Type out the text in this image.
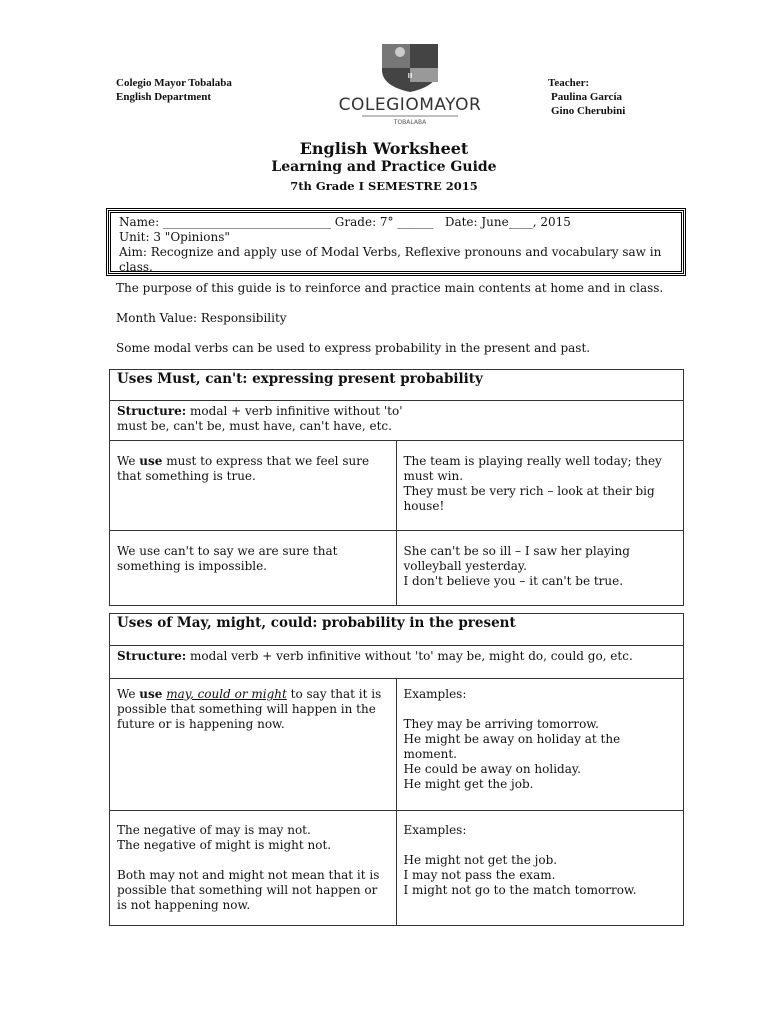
Colegio Mayor Tobalaba
English Department
Ⅲ
COLEGIOMAYOR
TOBALABA
Teacher:
Paulina García
Gino Cherubini
English Worksheet
Learning and Practice Guide
7th Grade I SEMESTRE 2015
Name: ____________________________ Grade: 7° ______   Date: June____, 2015
Unit: 3 "Opinions"
Aim: Recognize and apply use of Modal Verbs, Reflexive pronouns and vocabulary saw in class.
The purpose of this guide is to reinforce and practice main contents at home and in class.
Month Value: Responsibility
Some modal verbs can be used to express probability in the present and past.
Uses Must, can't: expressing present probability	
Structure: modal + verb infinitive without 'to'
must be, can't be, must have, can't have, etc.	
We use must to express that we feel sure that something is true.	The team is playing really well today; they must win.
They must be very rich – look at their big house!

We use can't to say we are sure that something is impossible.	She can't be so ill – I saw her playing volleyball yesterday.
I don't believe you – it can't be true.
Uses of May, might, could: probability in the present	
Structure: modal verb + verb infinitive without 'to' may be, might do, could go, etc.	
We use may, could or might to say that it is possible that something will happen in the future or is happening now.	Examples:
They may be arriving tomorrow.
He might be away on holiday at the moment.
He could be away on holiday.
He might get the job.

The negative of may is may not.
The negative of might is might not.
Both may not and might not mean that it is possible that something will not happen or is not happening now.	Examples:
He might not get the job.
I may not pass the exam.
I might not go to the match tomorrow.
